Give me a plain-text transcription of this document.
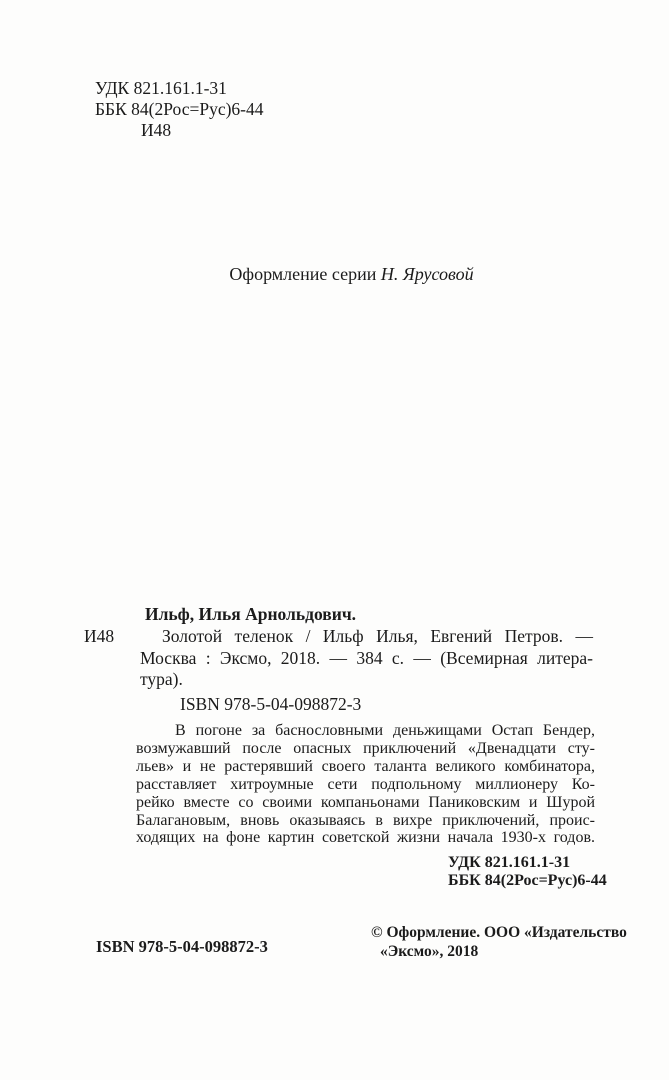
УДК 821.161.1-31
ББК 84(2Рос=Рус)6-44
И48
Оформление серии Н. Ярусовой
Ильф, Илья Арнольдович.
И48	Золотой теленок / Ильф Илья, Евгений Петров. —
Москва : Эксмо, 2018. — 384 с. — (Всемирная литера-
тура).
ISBN 978-5-04-098872-3
В погоне за баснословными деньжищами Остап Бендер,
возмужавший после опасных приключений «Двенадцати сту-
льев» и не растерявший своего таланта великого комбинатора,
расставляет хитроумные сети подпольному миллионеру Ко-
рейко вместе со своими компаньонами Паниковским и Шурой
Балагановым, вновь оказываясь в вихре приключений, проис-
ходящих на фоне картин советской жизни начала 1930-х годов.
УДК 821.161.1-31
ББК 84(2Рос=Рус)6-44
ISBN 978-5-04-098872-3
© Оформление. ООО «Издательство
«Эксмо», 2018
